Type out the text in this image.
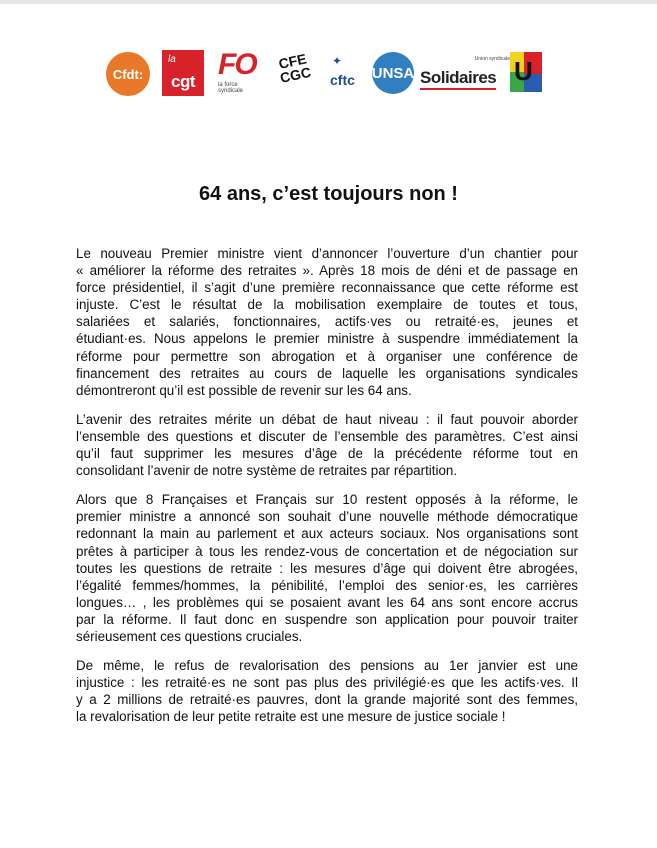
Cfdt:
la
cgt
FO
la force syndicale
CFE CGC
✦
cftc UNSA
Union syndicale
Solidaires U
64 ans, c’est toujours non !
Le nouveau Premier ministre vient d’annoncer l’ouverture d’un chantier pour
« améliorer la réforme des retraites ». Après 18 mois de déni et de passage en
force présidentiel, il s’agit d’une première reconnaissance que cette réforme est
injuste. C’est le résultat de la mobilisation exemplaire de toutes et tous,
salariées et salariés, fonctionnaires, actifs·ves ou retraité·es, jeunes et
étudiant·es. Nous appelons le premier ministre à suspendre immédiatement la
réforme pour permettre son abrogation et à organiser une conférence de
financement des retraites au cours de laquelle les organisations syndicales
démontreront qu’il est possible de revenir sur les 64 ans.
L’avenir des retraites mérite un débat de haut niveau : il faut pouvoir aborder
l’ensemble des questions et discuter de l’ensemble des paramètres. C’est ainsi
qu’il faut supprimer les mesures d’âge de la précédente réforme tout en
consolidant l’avenir de notre système de retraites par répartition.
Alors que 8 Françaises et Français sur 10 restent opposés à la réforme, le
premier ministre a annoncé son souhait d’une nouvelle méthode démocratique
redonnant la main au parlement et aux acteurs sociaux. Nos organisations sont
prêtes à participer à tous les rendez-vous de concertation et de négociation sur
toutes les questions de retraite : les mesures d’âge qui doivent être abrogées,
l’égalité femmes/hommes, la pénibilité, l’emploi des senior·es, les carrières
longues… , les problèmes qui se posaient avant les 64 ans sont encore accrus
par la réforme. Il faut donc en suspendre son application pour pouvoir traiter
sérieusement ces questions cruciales.
De même, le refus de revalorisation des pensions au 1er janvier est une
injustice : les retraité·es ne sont pas plus des privilégié·es que les actifs·ves. Il
y a 2 millions de retraité·es pauvres, dont la grande majorité sont des femmes,
la revalorisation de leur petite retraite est une mesure de justice sociale !
